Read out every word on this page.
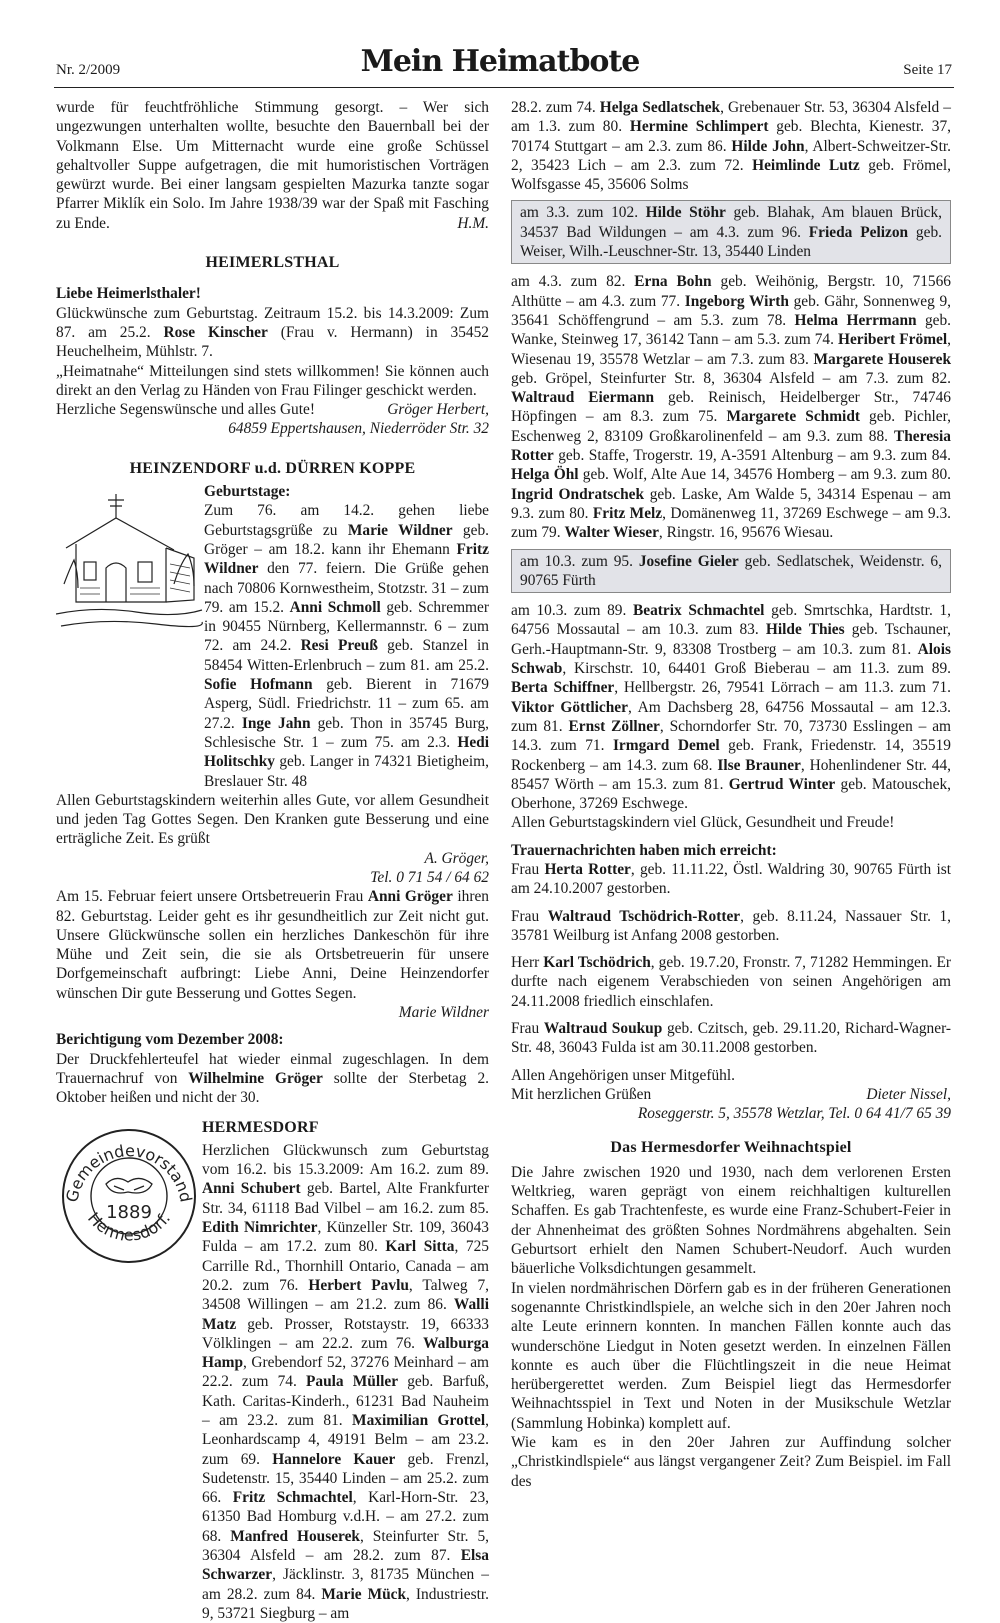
Nr. 2/2009	Mein Heimatbote	Seite 17

wurde für feuchtfröhliche Stimmung gesorgt. – Wer sich ungezwungen unterhalten wollte, besuchte den Bauernball bei der Volkmann Else. Um Mitternacht wurde eine große Schüssel gehaltvoller Suppe aufgetragen, die mit humoristischen Vorträgen gewürzt wurde. Bei einer langsam gespielten Mazurka tanzte sogar Pfarrer Miklík ein Solo. Im Jahre 1938/39 war der Spaß mit Fasching zu Ende.	H.M.

HEIMERLSTHAL

Liebe Heimerlsthaler!

Glückwünsche zum Geburtstag. Zeitraum 15.2. bis 14.3.2009: Zum 87. am 25.2. Rose Kinscher (Frau v. Hermann) in 35452 Heuchelheim, Mühlstr. 7.

„Heimatnahe“ Mitteilungen sind stets willkommen! Sie können auch direkt an den Verlag zu Händen von Frau Filinger geschickt werden.

Herzliche Segenswünsche und alles Gute!	Gröger Herbert,

64859 Eppertshausen, Niederröder Str. 32

HEINZENDORF u.d. DÜRREN KOPPE

Geburtstage:

Zum 76. am 14.2. gehen liebe Geburtstagsgrüße zu Marie Wildner geb. Gröger – am 18.2. kann ihr Ehemann Fritz Wildner den 77. feiern. Die Grüße gehen nach 70806 Kornwestheim, Stotzstr. 31 – zum 79. am 15.2. Anni Schmoll geb. Schremmer in 90455 Nürnberg, Kellermannstr. 6 – zum 72. am 24.2. Resi Preuß geb. Stanzel in 58454 Witten-Erlenbruch – zum 81. am 25.2. Sofie Hofmann geb. Bierent in 71679 Asperg, Südl. Friedrichstr. 11 – zum 65. am 27.2. Inge Jahn geb. Thon in 35745 Burg, Schlesische Str. 1 – zum 75. am 2.3. Hedi Holitschky geb. Langer in 74321 Bietigheim, Breslauer Str. 48

Allen Geburtstagskindern weiterhin alles Gute, vor allem Gesundheit und jeden Tag Gottes Segen. Den Kranken gute Besserung und eine erträgliche Zeit. Es grüßt

A. Gröger,

Tel. 0 71 54 / 64 62

Am 15. Februar feiert unsere Ortsbetreuerin Frau Anni Gröger ihren 82. Geburtstag. Leider geht es ihr gesundheitlich zur Zeit nicht gut. Unsere Glückwünsche sollen ein herzliches Dankeschön für ihre Mühe und Zeit sein, die sie als Ortsbetreuerin für unsere Dorfgemeinschaft aufbringt: Liebe Anni, Deine Heinzendorfer wünschen Dir gute Besserung und Gottes Segen.

Marie Wildner

Berichtigung vom Dezember 2008:

Der Druckfehlerteufel hat wieder einmal zugeschlagen. In dem Trauernachruf von Wilhelmine Gröger sollte der Sterbetag 2. Oktober heißen und nicht der 30.

Gemeindevorstand
Hermesdorf.
1889
HERMESDORF

Herzlichen Glückwunsch zum Geburtstag vom 16.2. bis 15.3.2009: Am 16.2. zum 89. Anni Schubert geb. Bartel, Alte Frankfurter Str. 34, 61118 Bad Vilbel – am 16.2. zum 85. Edith Nimrichter, Künzeller Str. 109, 36043 Fulda – am 17.2. zum 80. Karl Sitta, 725 Carrille Rd., Thornhill Ontario, Canada – am 20.2. zum 76. Herbert Pavlu, Talweg 7, 34508 Willingen – am 21.2. zum 86. Walli Matz geb. Prosser, Rotstaystr. 19, 66333 Völklingen – am 22.2. zum 76. Walburga Hamp, Grebendorf 52, 37276 Meinhard – am 22.2. zum 74. Paula Müller geb. Barfuß, Kath. Caritas-Kinderh., 61231 Bad Nauheim – am 23.2. zum 81. Maximilian Grottel, Leonhardscamp 4, 49191 Belm – am 23.2. zum 69. Hannelore Kauer geb. Frenzl, Sudetenstr. 15, 35440 Linden – am 25.2. zum 66. Fritz Schmachtel, Karl-Horn-Str. 23, 61350 Bad Homburg v.d.H. – am 27.2. zum 68. Manfred Houserek, Steinfurter Str. 5, 36304 Alsfeld – am 28.2. zum 87. Elsa Schwarzer, Jäcklinstr. 3, 81735 München – am 28.2. zum 84. Marie Mück, Industriestr. 9, 53721 Siegburg – am

28.2. zum 74. Helga Sedlatschek, Grebenauer Str. 53, 36304 Alsfeld – am 1.3. zum 80. Hermine Schlimpert geb. Blechta, Kienestr. 37, 70174 Stuttgart – am 2.3. zum 86. Hilde John, Albert-Schweitzer-Str. 2, 35423 Lich – am 2.3. zum 72. Heimlinde Lutz geb. Frömel, Wolfsgasse 45, 35606 Solms

am 3.3. zum 102. Hilde Stöhr geb. Blahak, Am blauen Brück, 34537 Bad Wildungen – am 4.3. zum 96. Frieda Pelizon geb. Weiser, Wilh.-Leuschner-Str. 13, 35440 Linden

am 4.3. zum 82. Erna Bohn geb. Weihönig, Bergstr. 10, 71566 Althütte – am 4.3. zum 77. Ingeborg Wirth geb. Gähr, Sonnenweg 9, 35641 Schöffengrund – am 5.3. zum 78. Helma Herrmann geb. Wanke, Steinweg 17, 36142 Tann – am 5.3. zum 74. Heribert Frömel, Wiesenau 19, 35578 Wetzlar – am 7.3. zum 83. Margarete Houserek geb. Gröpel, Steinfurter Str. 8, 36304 Alsfeld – am 7.3. zum 82. Waltraud Eiermann geb. Reinisch, Heidelberger Str., 74746 Höpfingen – am 8.3. zum 75. Margarete Schmidt geb. Pichler, Eschenweg 2, 83109 Großkarolinenfeld – am 9.3. zum 88. Theresia Rotter geb. Staffe, Trogerstr. 19, A-3591 Altenburg – am 9.3. zum 84. Helga Öhl geb. Wolf, Alte Aue 14, 34576 Homberg – am 9.3. zum 80. Ingrid Ondratschek geb. Laske, Am Walde 5, 34314 Espenau – am 9.3. zum 80. Fritz Melz, Domänenweg 11, 37269 Eschwege – am 9.3. zum 79. Walter Wieser, Ringstr. 16, 95676 Wiesau.

am 10.3. zum 95. Josefine Gieler geb. Sedlatschek, Weidenstr. 6, 90765 Fürth

am 10.3. zum 89. Beatrix Schmachtel geb. Smrtschka, Hardtstr. 1, 64756 Mossautal – am 10.3. zum 83. Hilde Thies geb. Tschauner, Gerh.-Hauptmann-Str. 9, 83308 Trostberg – am 10.3. zum 81. Alois Schwab, Kirschstr. 10, 64401 Groß Bieberau – am 11.3. zum 89. Berta Schiffner, Hellbergstr. 26, 79541 Lörrach – am 11.3. zum 71. Viktor Göttlicher, Am Dachsberg 28, 64756 Mossautal – am 12.3. zum 81. Ernst Zöllner, Schorndorfer Str. 70, 73730 Esslingen – am 14.3. zum 71. Irmgard Demel geb. Frank, Friedenstr. 14, 35519 Rockenberg – am 14.3. zum 68. Ilse Brauner, Hohenlindener Str. 44, 85457 Wörth – am 15.3. zum 81. Gertrud Winter geb. Matouschek, Oberhone, 37269 Eschwege.

Allen Geburtstagskindern viel Glück, Gesundheit und Freude!

Trauernachrichten haben mich erreicht:

Frau Herta Rotter, geb. 11.11.22, Östl. Waldring 30, 90765 Fürth ist am 24.10.2007 gestorben.

Frau Waltraud Tschödrich-Rotter, geb. 8.11.24, Nassauer Str. 1, 35781 Weilburg ist Anfang 2008 gestorben.

Herr Karl Tschödrich, geb. 19.7.20, Fronstr. 7, 71282 Hemmingen. Er durfte nach eigenem Verabschieden von seinen Angehörigen am 24.11.2008 friedlich einschlafen.

Frau Waltraud Soukup geb. Czitsch, geb. 29.11.20, Richard-Wagner-Str. 48, 36043 Fulda ist am 30.11.2008 gestorben.

Allen Angehörigen unser Mitgefühl.

Mit herzlichen Grüßen	Dieter Nissel,

Roseggerstr. 5, 35578 Wetzlar, Tel. 0 64 41/7 65 39

Das Hermesdorfer Weihnachtspiel

Die Jahre zwischen 1920 und 1930, nach dem verlorenen Ersten Weltkrieg, waren geprägt von einem reichhaltigen kulturellen Schaffen. Es gab Trachtenfeste, es wurde eine Franz-Schubert-Feier in der Ahnenheimat des größten Sohnes Nordmährens abgehalten. Sein Geburtsort erhielt den Namen Schubert-Neudorf. Auch wurden bäuerliche Volksdichtungen gesammelt.

In vielen nordmährischen Dörfern gab es in der früheren Generationen sogenannte Christkindlspiele, an welche sich in den 20er Jahren noch alte Leute erinnern konnten. In manchen Fällen konnte auch das wunderschöne Liedgut in Noten gesetzt werden. In einzelnen Fällen konnte es auch über die Flüchtlingszeit in die neue Heimat herübergerettet werden. Zum Beispiel liegt das Hermesdorfer Weihnachtsspiel in Text und Noten in der Musikschule Wetzlar (Sammlung Hobinka) komplett auf.

Wie kam es in den 20er Jahren zur Auffindung solcher „Christkindlspiele“ aus längst vergangener Zeit? Zum Beispiel. im Fall des
